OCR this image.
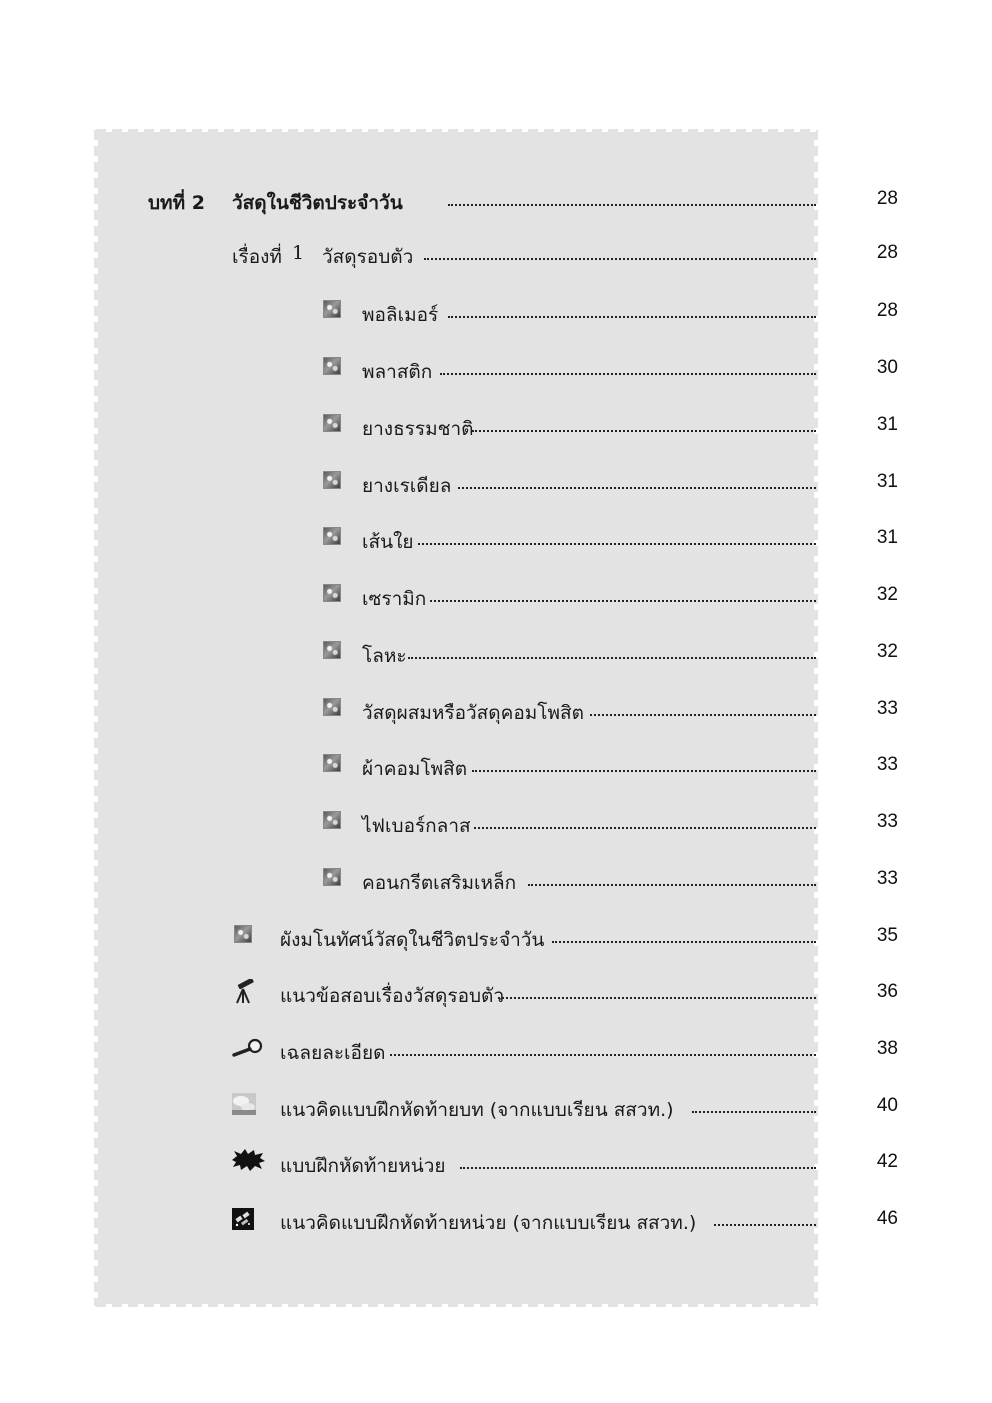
บทที่ 2 วัสดุในชีวิตประจำวัน	28
เรื่องที่ 1 วัสดุรอบตัว	28
พอลิเมอร์	28
พลาสติก	30
ยางธรรมชาติ	31
ยางเรเดียล	31
เส้นใย	31
เซรามิก	32
โลหะ	32
วัสดุผสมหรือวัสดุคอมโพสิต	33
ผ้าคอมโพสิต	33
ไฟเบอร์กลาส	33
คอนกรีตเสริมเหล็ก	33
ผังมโนทัศน์วัสดุในชีวิตประจำวัน	35
แนวข้อสอบเรื่องวัสดุรอบตัว	36
เฉลยละเอียด	38
แนวคิดแบบฝึกหัดท้ายบท (จากแบบเรียน สสวท.)	40
แบบฝึกหัดท้ายหน่วย	42
แนวคิดแบบฝึกหัดท้ายหน่วย (จากแบบเรียน สสวท.)	46
